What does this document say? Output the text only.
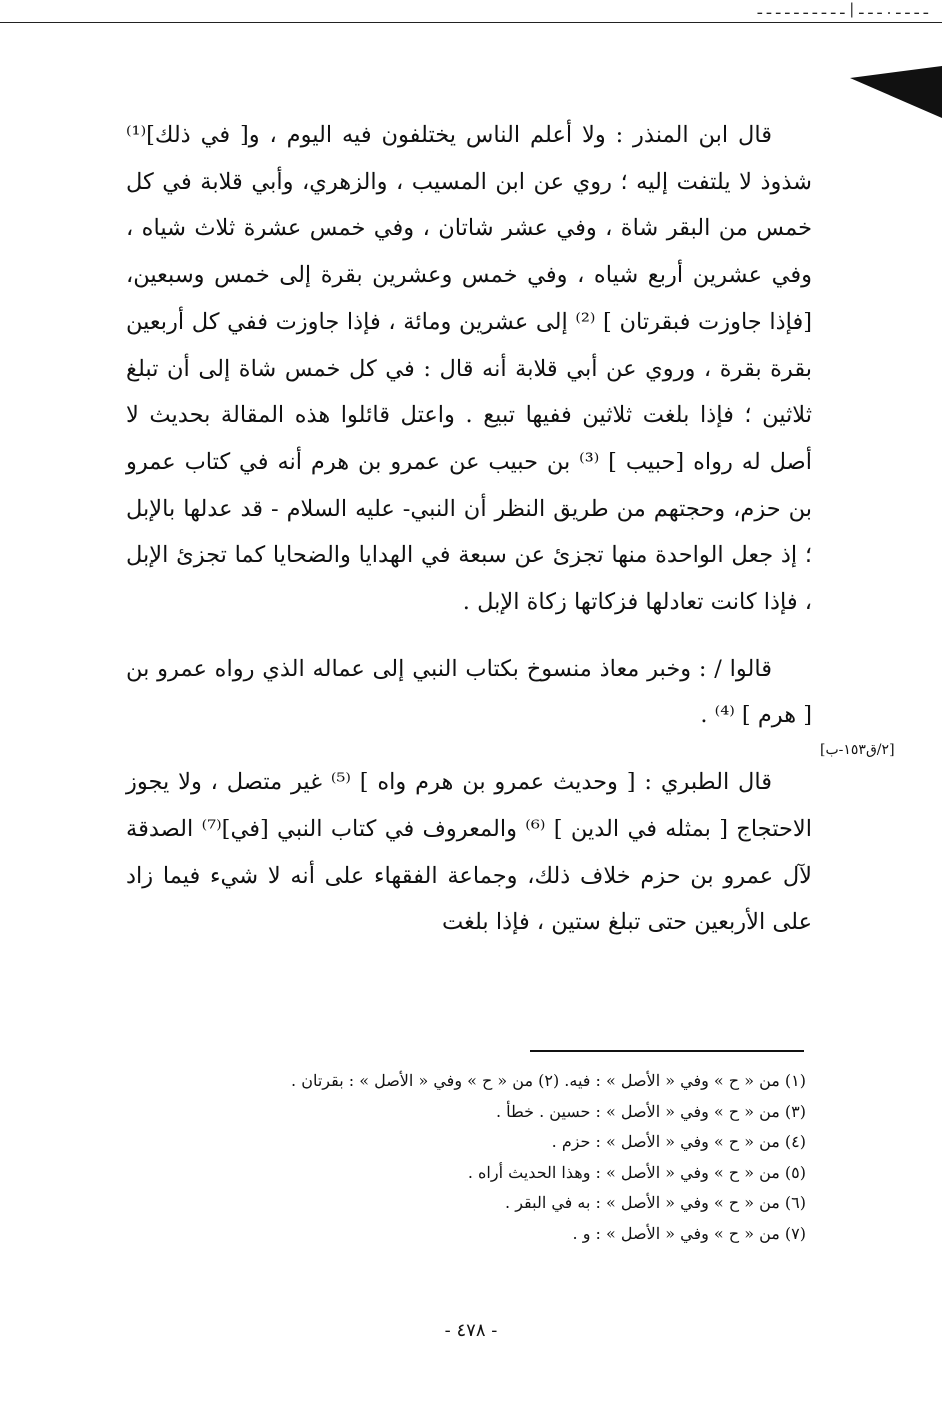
ـ ـ ـ ـ . ـ ـ ـ | ـ ـ ـ ـ ـ ـ ـ ـ ـ ـ

قال ابن المنذر : ولا أعلم الناس يختلفون فيه اليوم ، و[ في ذلك]⁽¹⁾ شذوذ لا يلتفت إليه ؛ روي عن ابن المسيب ، والزهري، وأبي قلابة في كل خمس من البقر شاة ، وفي عشر شاتان ، وفي خمس عشرة ثلاث شياه ، وفي عشرين أربع شياه ، وفي خمس وعشرين بقرة إلى خمس وسبعين، [فإذا جاوزت فبقرتان ] ⁽²⁾ إلى عشرين ومائة ، فإذا جاوزت ففي كل أربعين بقرة بقرة ، وروي عن أبي قلابة أنه قال : في كل خمس شاة إلى أن تبلغ ثلاثين ؛ فإذا بلغت ثلاثين ففيها تبيع . واعتل قائلوا هذه المقالة بحديث لا أصل له رواه [حبيب ] ⁽³⁾ بن حبيب عن عمرو بن هرم أنه في كتاب عمرو بن حزم، وحجتهم من طريق النظر أن النبي- عليه السلام - قد عدلها بالإبل ؛ إذ جعل الواحدة منها تجزئ عن سبعة في الهدايا والضحايا كما تجزئ الإبل ، فإذا كانت تعادلها فزكاتها زكاة الإبل .

قالوا / : وخبر معاذ منسوخ بكتاب النبي إلى عماله الذي رواه عمرو بن [ هرم ] ⁽⁴⁾ .

قال الطبري : [ وحديث عمرو بن هرم واه ] ⁽⁵⁾ غير متصل ، ولا يجوز الاحتجاج [ بمثله في الدين ] ⁽⁶⁾ والمعروف في كتاب النبي [في]⁽⁷⁾ الصدقة لآل عمرو بن حزم خلاف ذلك، وجماعة الفقهاء على أنه لا شيء فيما زاد على الأربعين حتى تبلغ ستين ، فإذا بلغت

[٢/ق١٥٣-ب]

(١) من « ح » وفي « الأصل » : فيه. (٢) من « ح » وفي « الأصل » : بقرتان .

(٣) من « ح » وفي « الأصل » : حسين . خطأ .

(٤) من « ح » وفي « الأصل » : حزم .

(٥) من « ح » وفي « الأصل » : وهذا الحديث أراه .

(٦) من « ح » وفي « الأصل » : به في البقر .

(٧) من « ح » وفي « الأصل » : و .

- ٤٧٨ -
